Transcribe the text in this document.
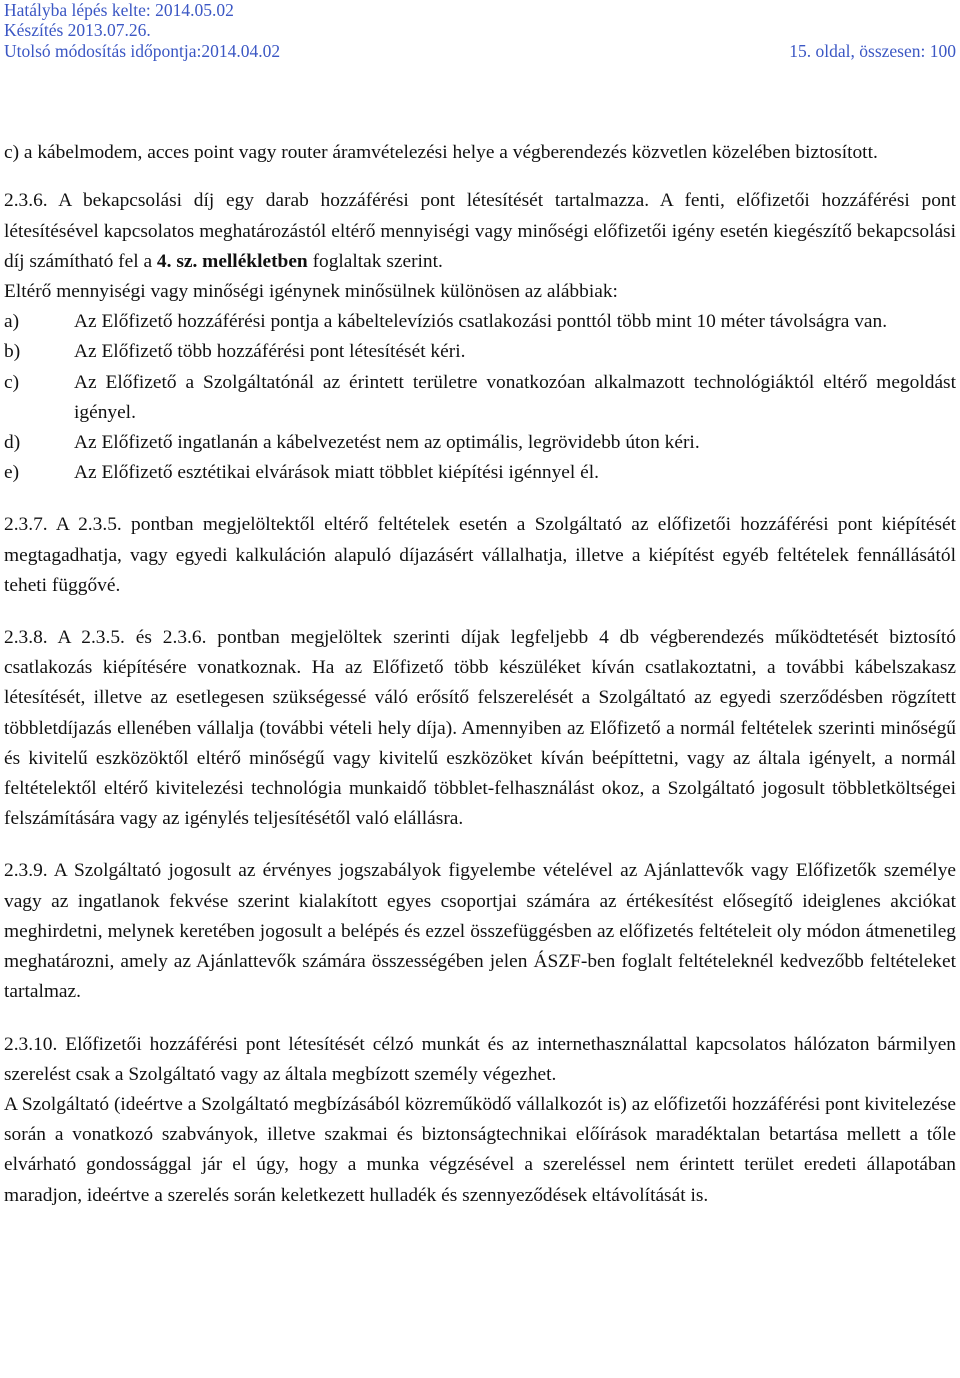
Hatályba lépés kelte: 2014.05.02
Készítés 2013.07.26.
Utolsó módosítás időpontja:2014.04.02	15. oldal, összesen: 100

c) a kábelmodem, acces point vagy router áramvételezési helye a végberendezés közvetlen közelében biztosított.

2.3.6. A bekapcsolási díj egy darab hozzáférési pont létesítését tartalmazza. A fenti, előfizetői hozzáférési pont létesítésével kapcsolatos meghatározástól eltérő mennyiségi vagy minőségi előfizetői igény esetén kiegészítő bekapcsolási díj számítható fel a 4. sz. mellékletben foglaltak szerint.

Eltérő mennyiségi vagy minőségi igénynek minősülnek különösen az alábbiak:

a)	Az Előfizető hozzáférési pontja a kábeltelevíziós csatlakozási ponttól több mint 10 méter távolságra van.
b)	Az Előfizető több hozzáférési pont létesítését kéri.
c)	Az Előfizető a Szolgáltatónál az érintett területre vonatkozóan alkalmazott technológiáktól eltérő megoldást igényel.
d)	Az Előfizető ingatlanán a kábelvezetést nem az optimális, legrövidebb úton kéri.
e)	Az Előfizető esztétikai elvárások miatt többlet kiépítési igénnyel él.

2.3.7. A 2.3.5. pontban megjelöltektől eltérő feltételek esetén a Szolgáltató az előfizetői hozzáférési pont kiépítését megtagadhatja, vagy egyedi kalkuláción alapuló díjazásért vállalhatja, illetve a kiépítést egyéb feltételek fennállásától teheti függővé.

2.3.8. A 2.3.5. és 2.3.6. pontban megjelöltek szerinti díjak legfeljebb 4 db végberendezés működtetését biztosító csatlakozás kiépítésére vonatkoznak. Ha az Előfizető több készüléket kíván csatlakoztatni, a további kábelszakasz létesítését, illetve az esetlegesen szükségessé váló erősítő felszerelését a Szolgáltató az egyedi szerződésben rögzített többletdíjazás ellenében vállalja (további vételi hely díja). Amennyiben az Előfizető a normál feltételek szerinti minőségű és kivitelű eszközöktől eltérő minőségű vagy kivitelű eszközöket kíván beépíttetni, vagy az általa igényelt, a normál feltételektől eltérő kivitelezési technológia munkaidő többlet-felhasználást okoz, a Szolgáltató jogosult többletköltségei felszámítására vagy az igénylés teljesítésétől való elállásra.

2.3.9. A Szolgáltató jogosult az érvényes jogszabályok figyelembe vételével az Ajánlattevők vagy Előfizetők személye vagy az ingatlanok fekvése szerint kialakított egyes csoportjai számára az értékesítést elősegítő ideiglenes akciókat meghirdetni, melynek keretében jogosult a belépés és ezzel összefüggésben az előfizetés feltételeit oly módon átmenetileg meghatározni, amely az Ajánlattevők számára összességében jelen ÁSZF-ben foglalt feltételeknél kedvezőbb feltételeket tartalmaz.

2.3.10. Előfizetői hozzáférési pont létesítését célzó munkát és az internethasználattal kapcsolatos hálózaton bármilyen szerelést csak a Szolgáltató vagy az általa megbízott személy végezhet.

A Szolgáltató (ideértve a Szolgáltató megbízásából közreműködő vállalkozót is) az előfizetői hozzáférési pont kivitelezése során a vonatkozó szabványok, illetve szakmai és biztonságtechnikai előírások maradéktalan betartása mellett a tőle elvárható gondossággal jár el úgy, hogy a munka végzésével a szereléssel nem érintett terület eredeti állapotában maradjon, ideértve a szerelés során keletkezett hulladék és szennyeződések eltávolítását is.
